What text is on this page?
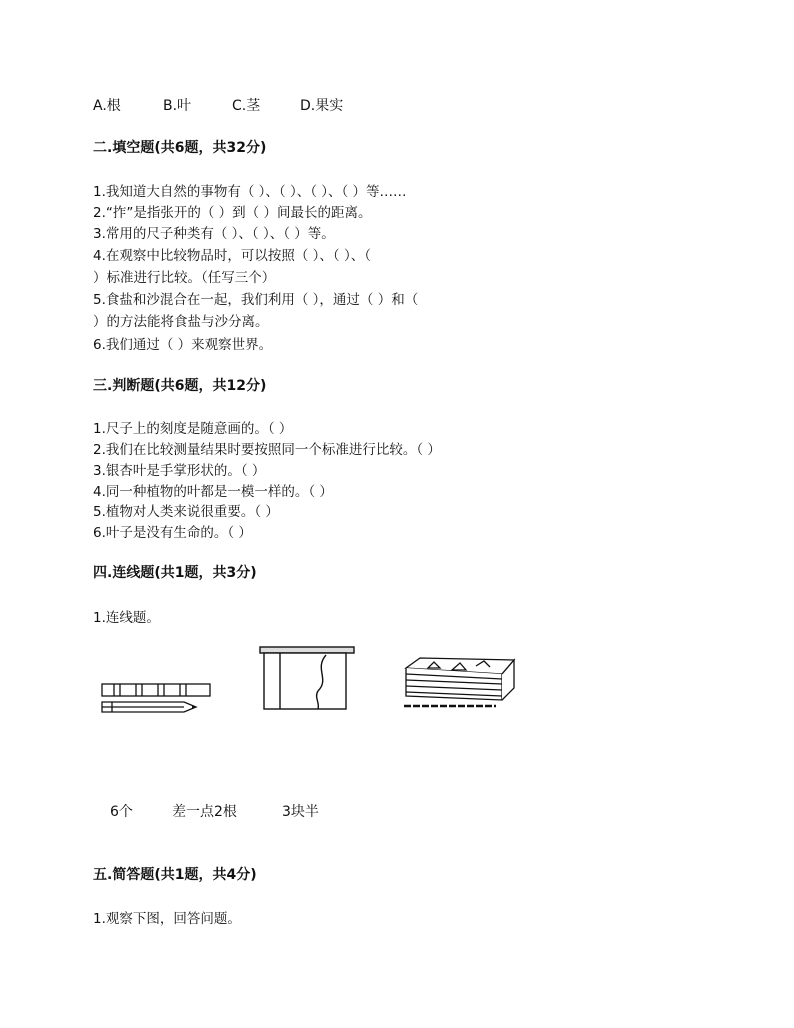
A.根	B.叶	C.茎	D.果实
二.填空题(共6题，共32分)
1.我知道大自然的事物有（ ）、（ ）、（ ）、（ ）等……
2.“拃”是指张开的（ ）到（ ）间最长的距离。
3.常用的尺子种类有（ ）、（ ）、（ ）等。
4.在观察中比较物品时，可以按照（ ）、（ ）、（
）标准进行比较。（任写三个）
5.食盐和沙混合在一起，我们利用（ ），通过（ ）和（
）的方法能将食盐与沙分离。
6.我们通过（ ）来观察世界。
三.判断题(共6题，共12分)
1.尺子上的刻度是随意画的。（ ）
2.我们在比较测量结果时要按照同一个标准进行比较。（ ）
3.银杏叶是手掌形状的。（ ）
4.同一种植物的叶都是一模一样的。（ ）
5.植物对人类来说很重要。（ ）
6.叶子是没有生命的。（ ）
四.连线题(共1题，共3分)
1.连线题。
6个	差一点2根	3块半
五.简答题(共1题，共4分)
1.观察下图，回答问题。
